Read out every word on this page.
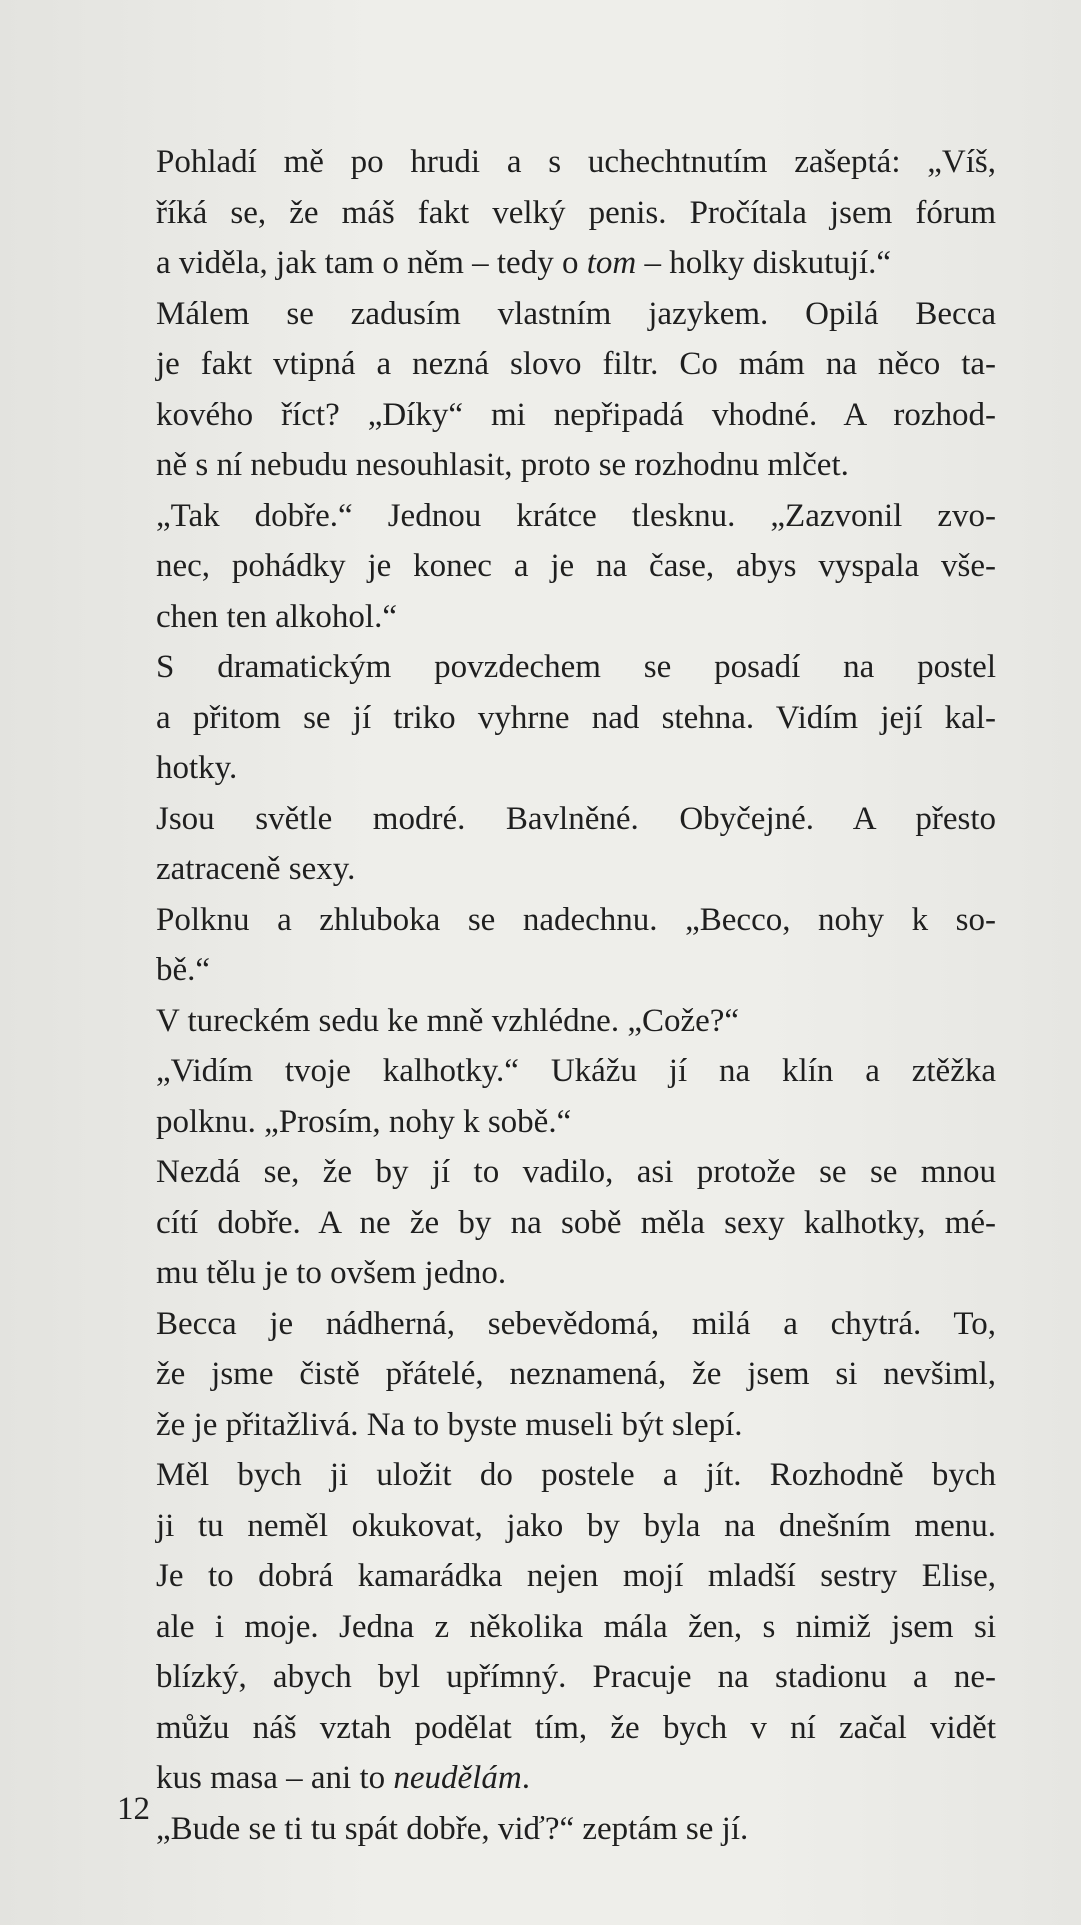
Pohladí mě po hrudi a s uchechtnutím zašeptá: „Víš,
říká se, že máš fakt velký penis. Pročítala jsem fórum
a viděla, jak tam o něm – tedy o tom – holky diskutují.“
Málem se zadusím vlastním jazykem. Opilá Becca
je fakt vtipná a nezná slovo filtr. Co mám na něco ta-
kového říct? „Díky“ mi nepřipadá vhodné. A rozhod-
ně s ní nebudu nesouhlasit, proto se rozhodnu mlčet.
„Tak dobře.“ Jednou krátce tlesknu. „Zazvonil zvo-
nec, pohádky je konec a je na čase, abys vyspala vše-
chen ten alkohol.“
S dramatickým povzdechem se posadí na postel
a přitom se jí triko vyhrne nad stehna. Vidím její kal-
hotky.
Jsou světle modré. Bavlněné. Obyčejné. A přesto
zatraceně sexy.
Polknu a zhluboka se nadechnu. „Becco, nohy k so-
bě.“
V tureckém sedu ke mně vzhlédne. „Cože?“
„Vidím tvoje kalhotky.“ Ukážu jí na klín a ztěžka
polknu. „Prosím, nohy k sobě.“
Nezdá se, že by jí to vadilo, asi protože se se mnou
cítí dobře. A ne že by na sobě měla sexy kalhotky, mé-
mu tělu je to ovšem jedno.
Becca je nádherná, sebevědomá, milá a chytrá. To,
že jsme čistě přátelé, neznamená, že jsem si nevšiml,
že je přitažlivá. Na to byste museli být slepí.
Měl bych ji uložit do postele a jít. Rozhodně bych
ji tu neměl okukovat, jako by byla na dnešním menu.
Je to dobrá kamarádka nejen mojí mladší sestry Elise,
ale i moje. Jedna z několika mála žen, s nimiž jsem si
blízký, abych byl upřímný. Pracuje na stadionu a ne-
můžu náš vztah podělat tím, že bych v ní začal vidět
kus masa – ani to neudělám.
„Bude se ti tu spát dobře, viď?“ zeptám se jí.
12
